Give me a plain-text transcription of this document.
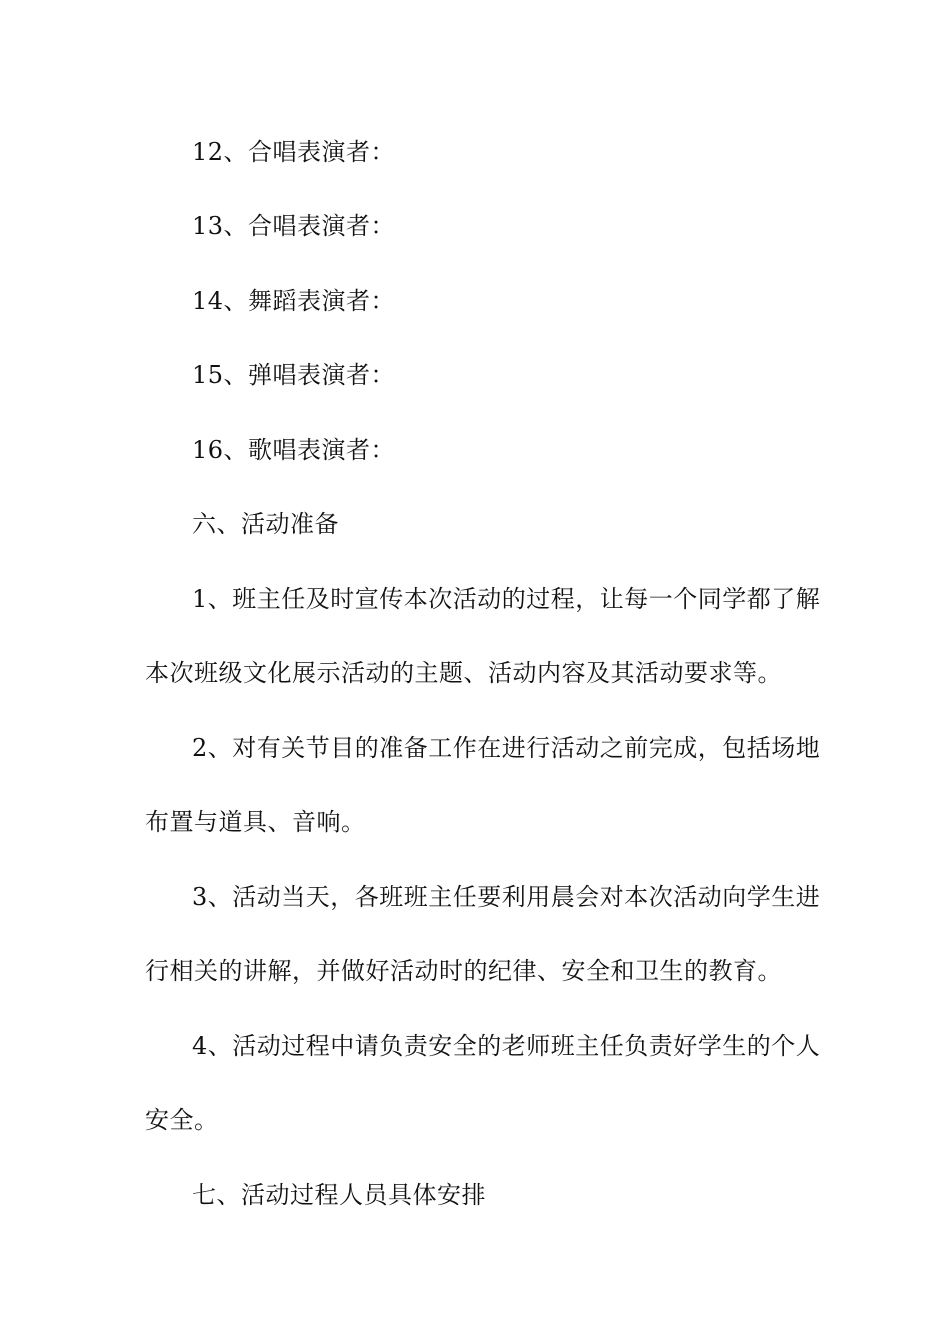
12、合唱表演者：
13、合唱表演者：
14、舞蹈表演者：
15、弹唱表演者：
16、歌唱表演者：
六、活动准备
1、班主任及时宣传本次活动的过程，让每一个同学都了解
本次班级文化展示活动的主题、活动内容及其活动要求等。
2、对有关节目的准备工作在进行活动之前完成，包括场地
布置与道具、音响。
3、活动当天，各班班主任要利用晨会对本次活动向学生进
行相关的讲解，并做好活动时的纪律、安全和卫生的教育。
4、活动过程中请负责安全的老师班主任负责好学生的个人
安全。
七、活动过程人员具体安排
